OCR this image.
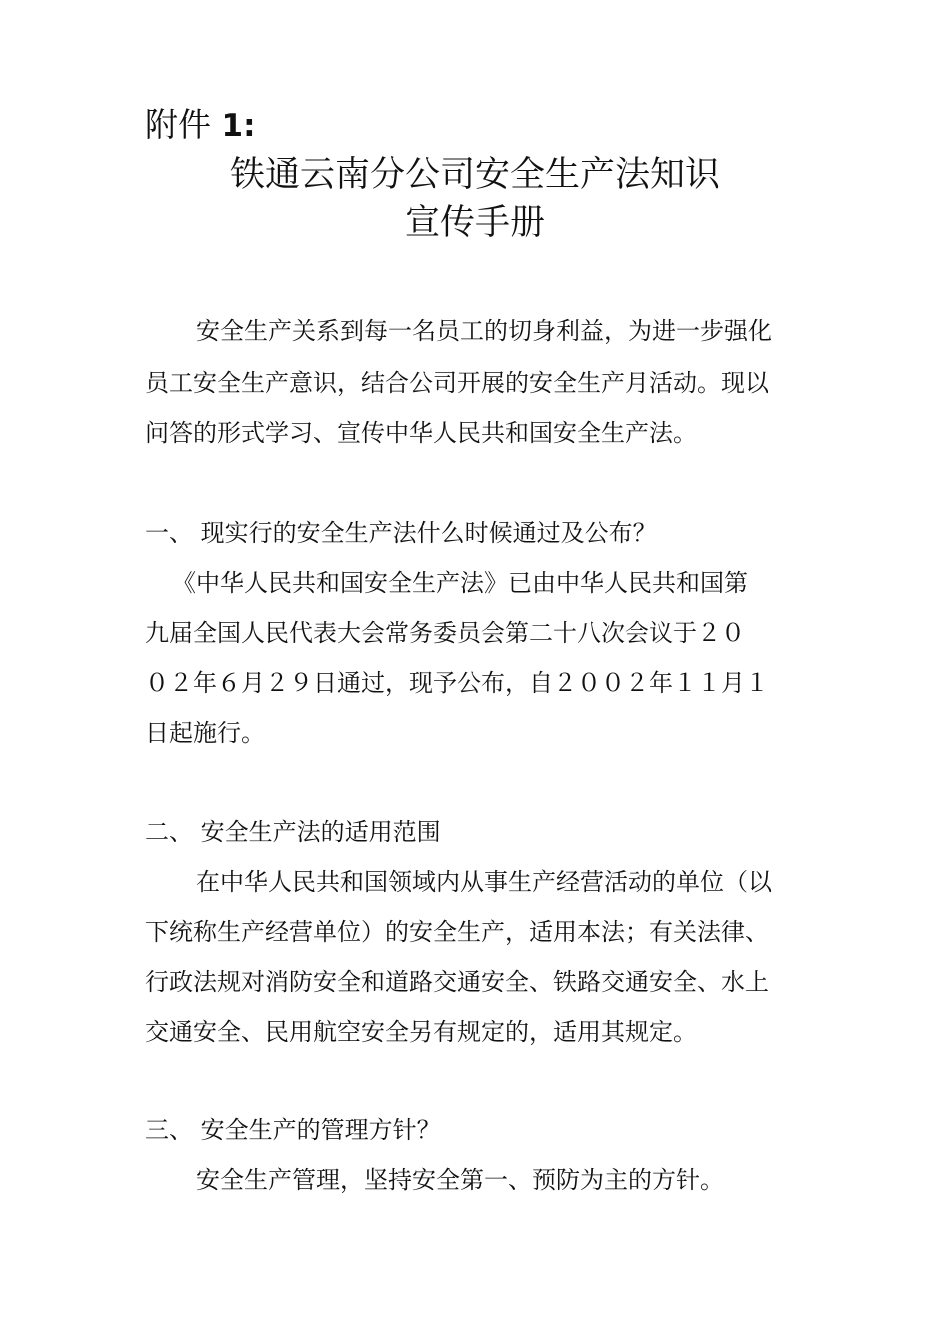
附件 1:
铁通云南分公司安全生产法知识
宣传手册
安全生产关系到每一名员工的切身利益，为进一步强化
员工安全生产意识，结合公司开展的安全生产月活动。现以
问答的形式学习、宣传中华人民共和国安全生产法。
一、 现实行的安全生产法什么时候通过及公布？
《中华人民共和国安全生产法》已由中华人民共和国第
九届全国人民代表大会常务委员会第二十八次会议于２０
０２年６月２９日通过，现予公布，自２００２年１１月１
日起施行。
二、 安全生产法的适用范围
在中华人民共和国领域内从事生产经营活动的单位（以
下统称生产经营单位）的安全生产，适用本法；有关法律、
行政法规对消防安全和道路交通安全、铁路交通安全、水上
交通安全、民用航空安全另有规定的，适用其规定。
三、 安全生产的管理方针？
安全生产管理，坚持安全第一、预防为主的方针。
